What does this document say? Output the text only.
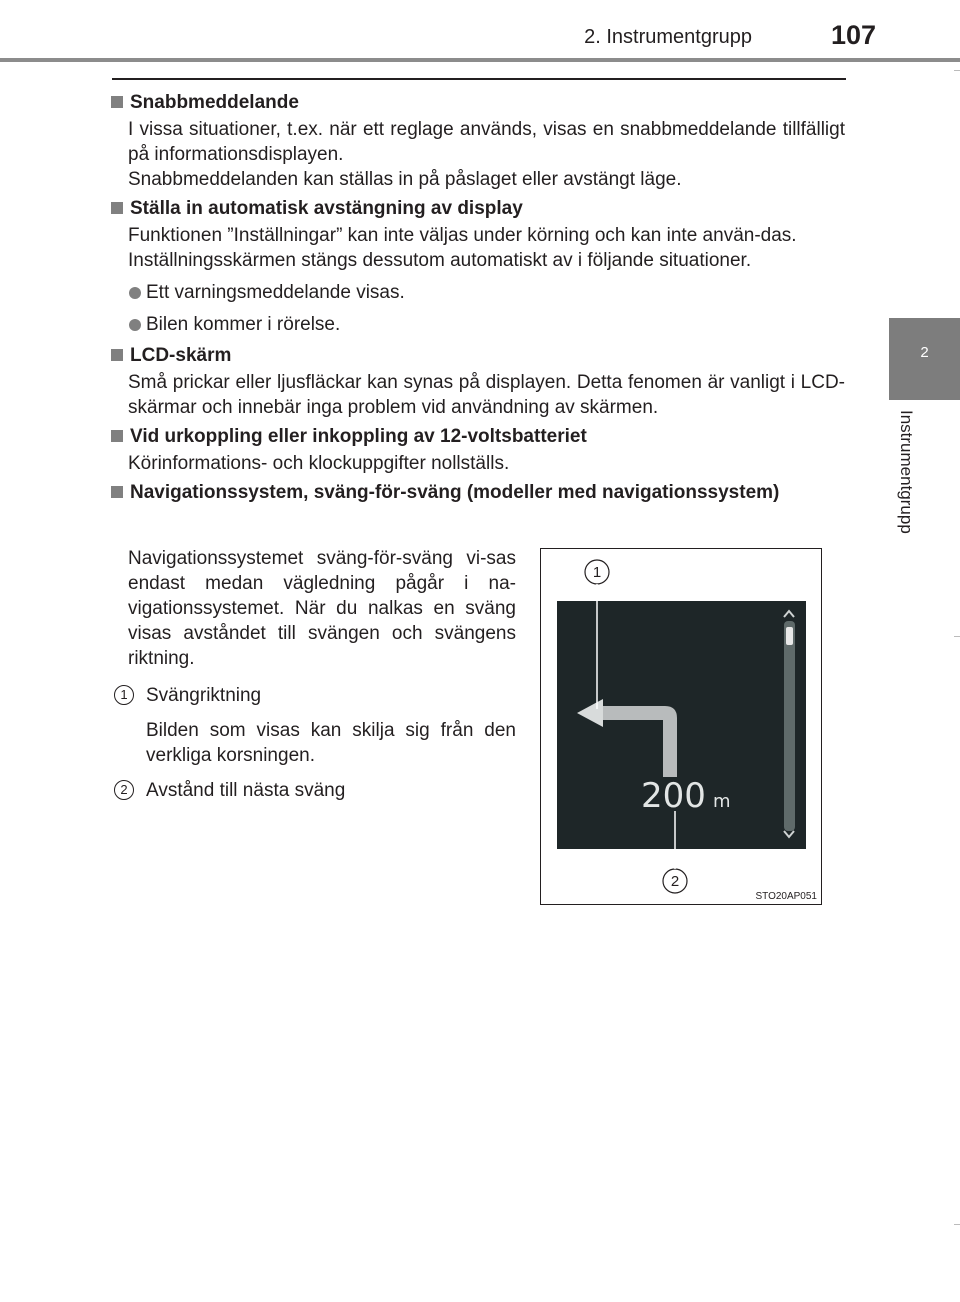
2. Instrumentgrupp	107
2
Instrumentgrupp
Snabbmeddelande
I vissa situationer, t.ex. när ett reglage används, visas en snabbmeddelande tillfälligt på informationsdisplayen.
Snabbmeddelanden kan ställas in på påslaget eller avstängt läge.
Ställa in automatisk avstängning av display
Funktionen ”Inställningar” kan inte väljas under körning och kan inte använ-das.
Inställningsskärmen stängs dessutom automatiskt av i följande situationer.
Ett varningsmeddelande visas.
Bilen kommer i rörelse.
LCD-skärm
Små prickar eller ljusfläckar kan synas på displayen. Detta fenomen är vanligt i LCD-skärmar och innebär inga problem vid användning av skärmen.
Vid urkoppling eller inkoppling av 12-voltsbatteriet
Körinformations- och klockuppgifter nollställs.
Navigationssystem, sväng-för-sväng (modeller med navigationssystem)
Navigationssystemet sväng-för-sväng vi-sas endast medan vägledning pågår i na-vigationssystemet. När du nalkas en sväng visas avståndet till svängen och svängens riktning.
1 Svängriktning
Bilden som visas kan skilja sig från den verkliga korsningen.
2 Avstånd till nästa sväng	200 m
1
2
STO20AP051
